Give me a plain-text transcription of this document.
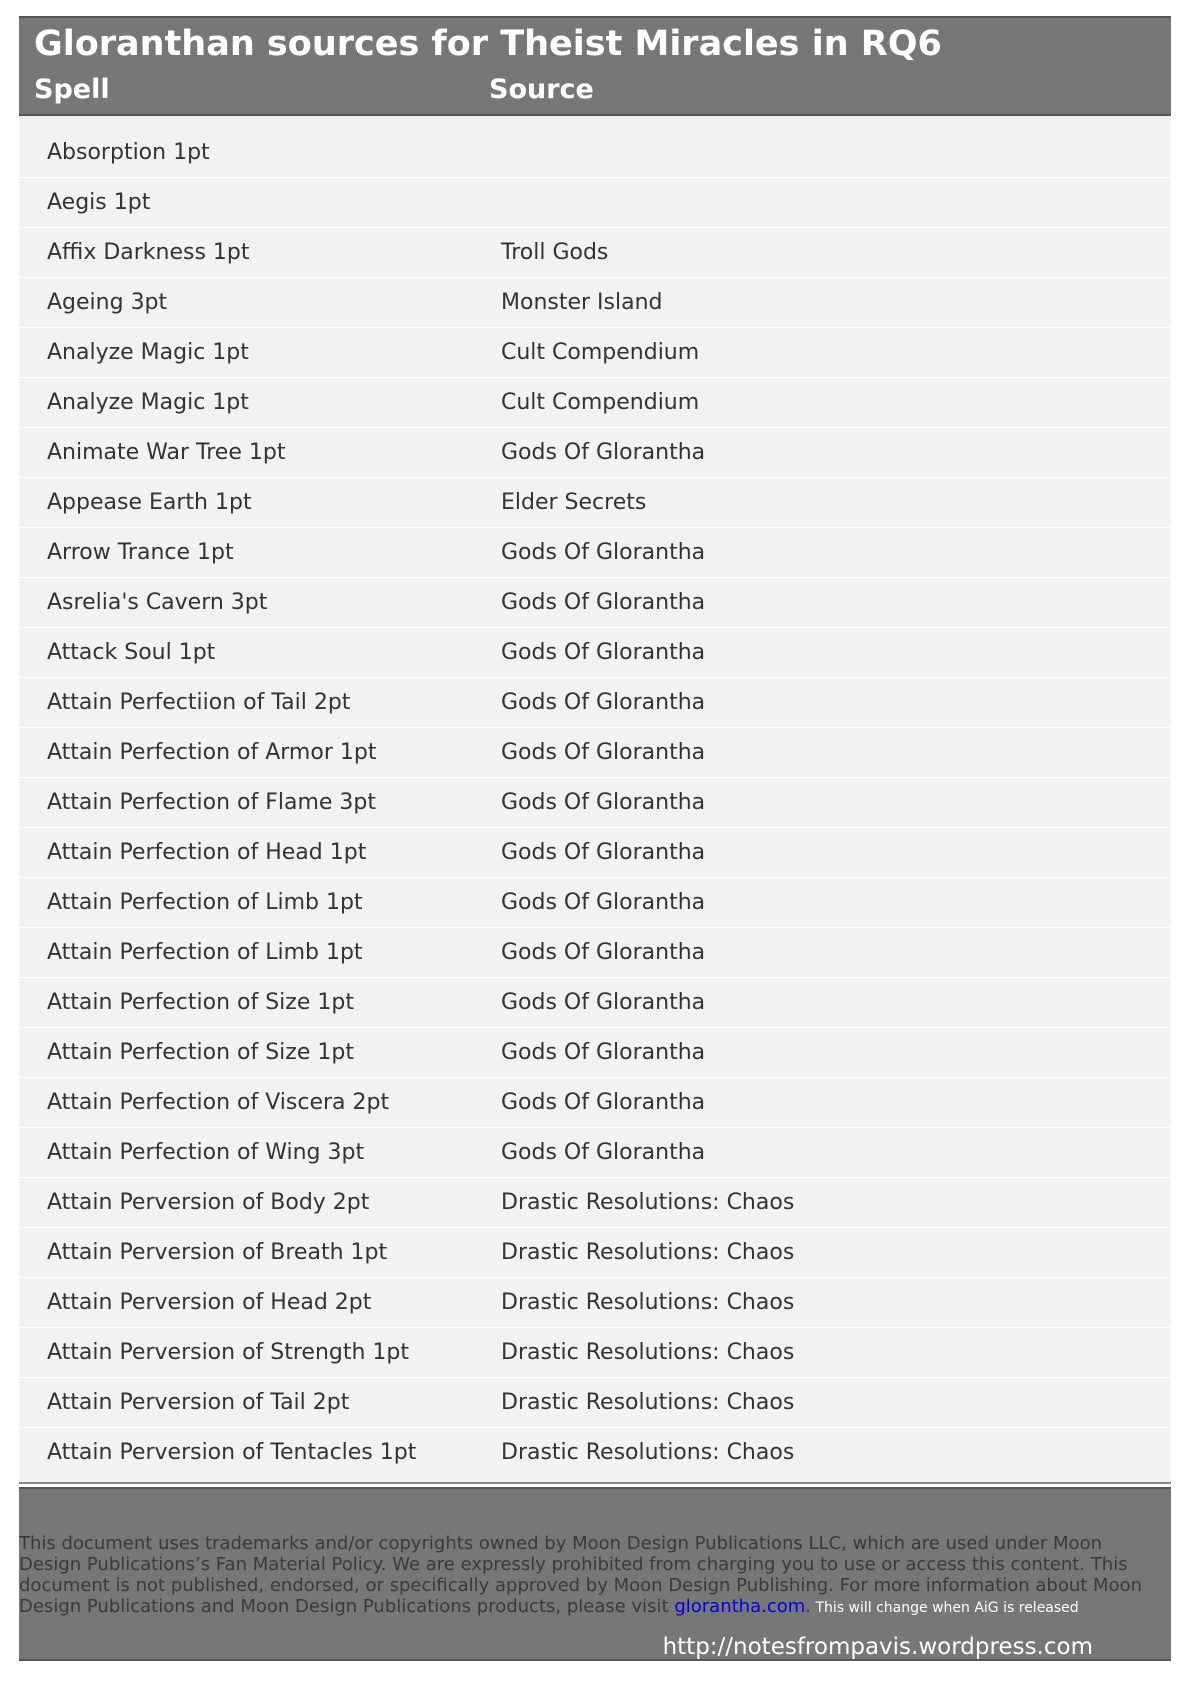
Gloranthan sources for Theist Miracles in RQ6
Spell	Source
Absorption 1pt
Aegis 1pt
Affix Darkness 1pt	Troll Gods
Ageing 3pt	Monster Island
Analyze Magic 1pt	Cult Compendium
Analyze Magic 1pt	Cult Compendium
Animate War Tree 1pt	Gods Of Glorantha
Appease Earth 1pt	Elder Secrets
Arrow Trance 1pt	Gods Of Glorantha
Asrelia's Cavern 3pt	Gods Of Glorantha
Attack Soul 1pt	Gods Of Glorantha
Attain Perfectiion of Tail 2pt	Gods Of Glorantha
Attain Perfection of Armor 1pt	Gods Of Glorantha
Attain Perfection of Flame 3pt	Gods Of Glorantha
Attain Perfection of Head 1pt	Gods Of Glorantha
Attain Perfection of Limb 1pt	Gods Of Glorantha
Attain Perfection of Limb 1pt	Gods Of Glorantha
Attain Perfection of Size 1pt	Gods Of Glorantha
Attain Perfection of Size 1pt	Gods Of Glorantha
Attain Perfection of Viscera 2pt	Gods Of Glorantha
Attain Perfection of Wing 3pt	Gods Of Glorantha
Attain Perversion of Body 2pt	Drastic Resolutions: Chaos
Attain Perversion of Breath 1pt	Drastic Resolutions: Chaos
Attain Perversion of Head 2pt	Drastic Resolutions: Chaos
Attain Perversion of Strength 1pt	Drastic Resolutions: Chaos
Attain Perversion of Tail 2pt	Drastic Resolutions: Chaos
Attain Perversion of Tentacles 1pt	Drastic Resolutions: Chaos
This document uses trademarks and/or copyrights owned by Moon Design Publications LLC, which are used under Moon Design Publications’s Fan Material Policy. We are expressly prohibited from charging you to use or access this content. This document is not published, endorsed, or specifically approved by Moon Design Publishing. For more information about Moon Design Publications and Moon Design Publications products, please visit glorantha.com. This will change when AiG is released
http://notesfrompavis.wordpress.com
